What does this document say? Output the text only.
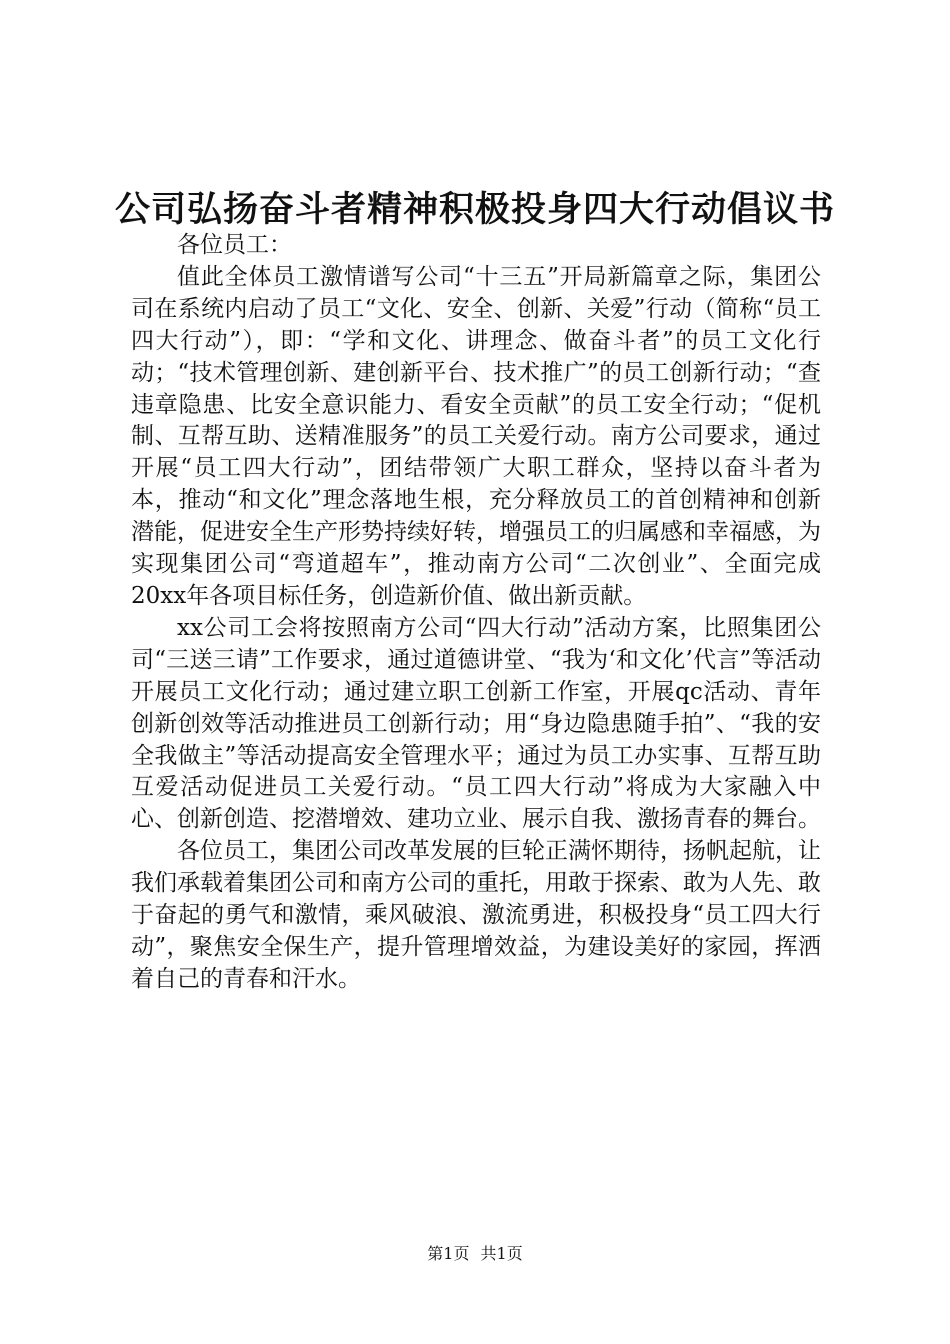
公司弘扬奋斗者精神积极投身四大行动倡议书

各位员工：

值此全体员工激情谱写公司“十三五”开局新篇章之际，集团公司在系统内启动了员工“文化、安全、创新、关爱”行动（简称“员工四大行动”），即：“学和文化、讲理念、做奋斗者”的员工文化行动；“技术管理创新、建创新平台、技术推广”的员工创新行动；“查违章隐患、比安全意识能力、看安全贡献”的员工安全行动；“促机制、互帮互助、送精准服务”的员工关爱行动。南方公司要求，通过开展“员工四大行动”，团结带领广大职工群众，坚持以奋斗者为本，推动“和文化”理念落地生根，充分释放员工的首创精神和创新潜能，促进安全生产形势持续好转，增强员工的归属感和幸福感，为实现集团公司“弯道超车”，推动南方公司“二次创业”、全面完成20xx年各项目标任务，创造新价值、做出新贡献。

xx公司工会将按照南方公司“四大行动”活动方案，比照集团公司“三送三请”工作要求，通过道德讲堂、“我为‘和文化’代言”等活动开展员工文化行动；通过建立职工创新工作室，开展qc活动、青年创新创效等活动推进员工创新行动；用“身边隐患随手拍”、“我的安全我做主”等活动提高安全管理水平；通过为员工办实事、互帮互助互爱活动促进员工关爱行动。“员工四大行动”将成为大家融入中心、创新创造、挖潜增效、建功立业、展示自我、激扬青春的舞台。

各位员工，集团公司改革发展的巨轮正满怀期待，扬帆起航，让我们承载着集团公司和南方公司的重托，用敢于探索、敢为人先、敢于奋起的勇气和激情，乘风破浪、激流勇进，积极投身“员工四大行动”，聚焦安全保生产，提升管理增效益，为建设美好的家园，挥洒着自己的青春和汗水。

第1页 共1页
